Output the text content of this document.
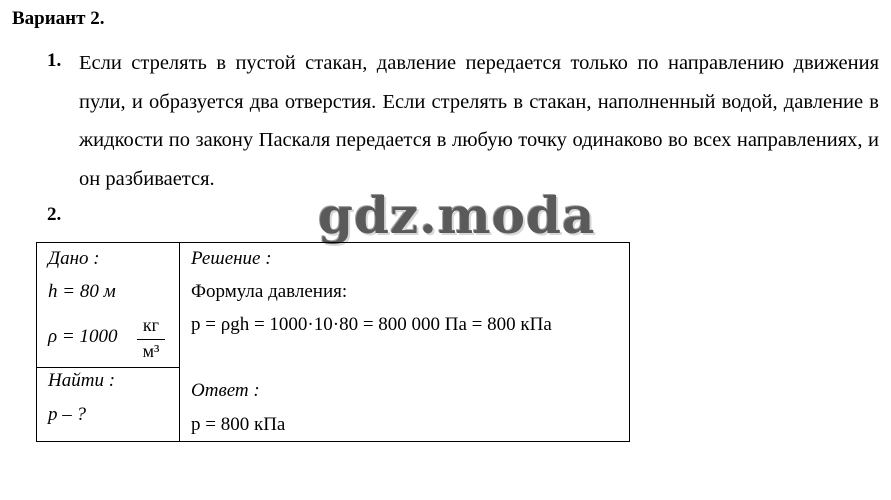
Вариант 2.
1. Если стрелять в пустой стакан, давление передается только по направлению движения пули, и образуется два отверстия. Если стрелять в стакан, наполненный водой, давление в жидкости по закону Паскаля передается в любую точку одинаково во всех направлениях, и он разбивается.
2.	gdz.moda
Дано :
h = 80 м
ρ = 1000
кг
м³
Найти :
p – ?
Решение :
Формула давления:
p = ρgh = 1000·10·80 = 800 000 Па = 800 кПа
Ответ :
p = 800 кПа
